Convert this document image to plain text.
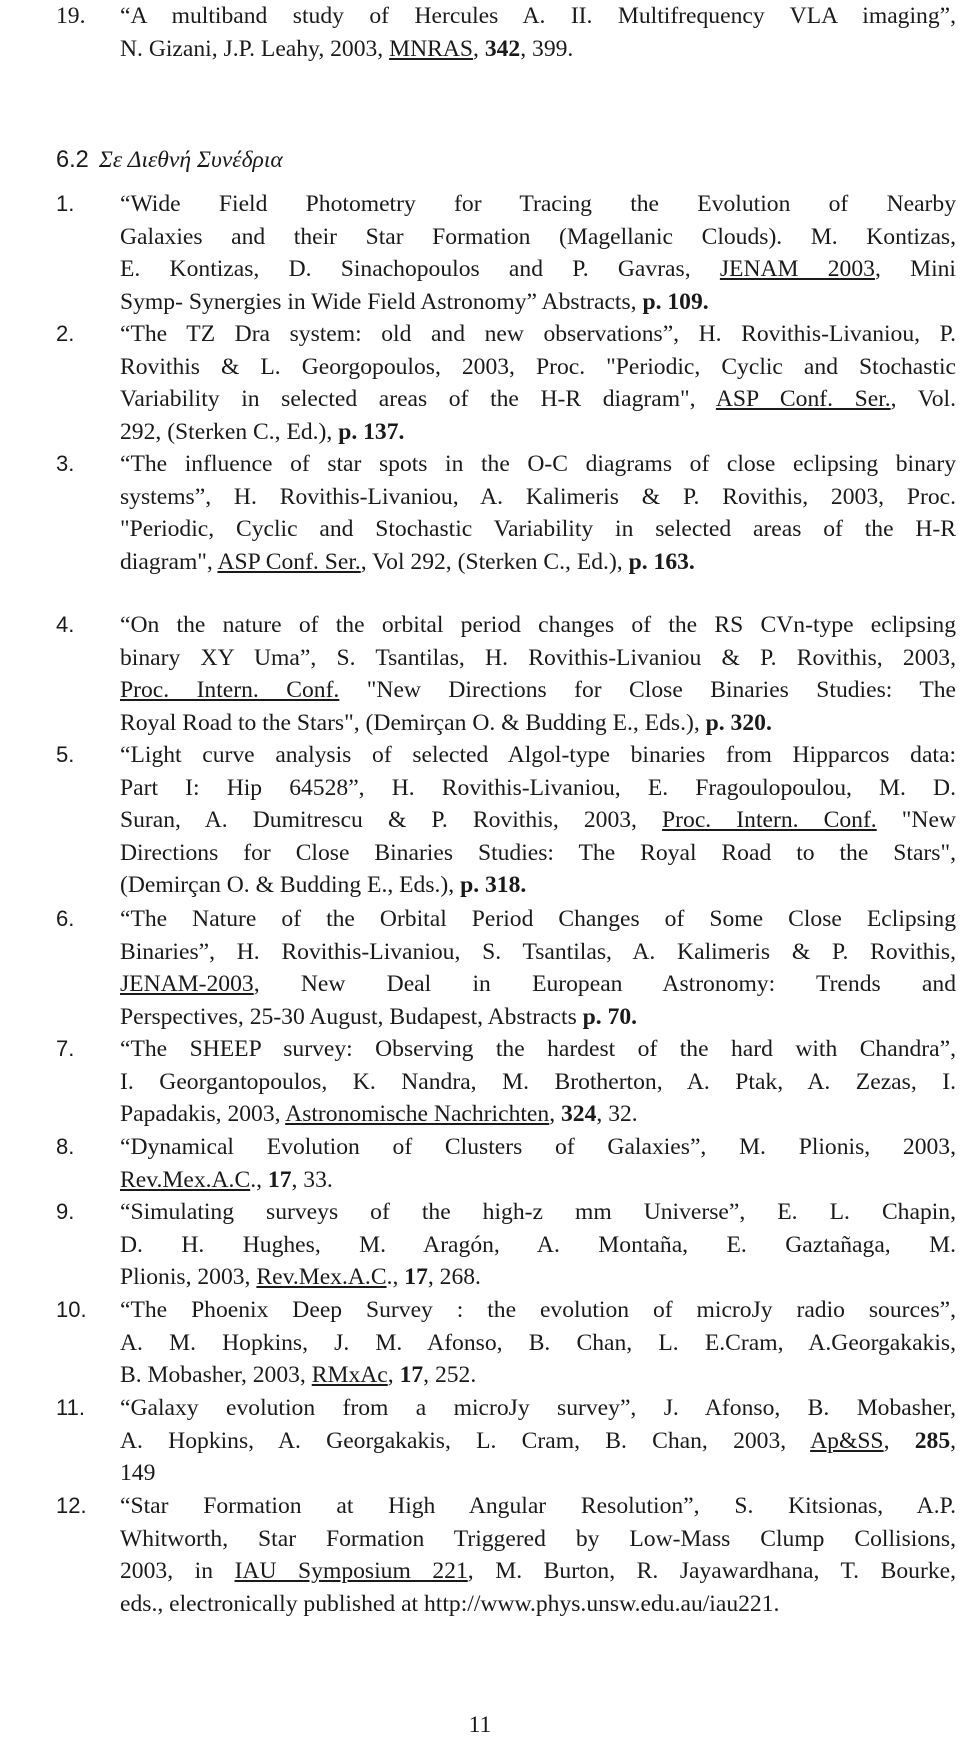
19. “A multiband study of Hercules A. II. Multifrequency VLA imaging”,
N. Gizani, J.P. Leahy, 2003, MNRAS, 342, 399.
6.2 Σε Διεθνή Συνέδρια
1. “Wide Field Photometry for Tracing the Evolution of Nearby
Galaxies and their Star Formation (Magellanic Clouds). M. Kontizas,
E. Kontizas, D. Sinachopoulos and P. Gavras, JENAM 2003, Mini
Symp- Synergies in Wide Field Astronomy” Abstracts, p. 109.
2. “The TZ Dra system: old and new observations”, H. Rovithis-Livaniou, P.
Rovithis & L. Georgopoulos, 2003, Proc. "Periodic, Cyclic and Stochastic
Variability in selected areas of the H-R diagram", ASP Conf. Ser., Vol.
292, (Sterken C., Ed.), p. 137.
3. “The influence of star spots in the O-C diagrams of close eclipsing binary
systems”, H. Rovithis-Livaniou, A. Kalimeris & P. Rovithis, 2003, Proc.
"Periodic, Cyclic and Stochastic Variability in selected areas of the H-R
diagram", ASP Conf. Ser., Vol 292, (Sterken C., Ed.), p. 163.
4. “On the nature of the orbital period changes of the RS CVn-type eclipsing
binary XY Uma”, S. Tsantilas, H. Rovithis-Livaniou & P. Rovithis, 2003,
Proc. Intern. Conf. "New Directions for Close Binaries Studies: The
Royal Road to the Stars", (Demirçan O. & Budding E., Eds.), p. 320.
5. “Light curve analysis of selected Algol-type binaries from Hipparcos data:
Part I: Hip 64528”, H. Rovithis-Livaniou, E. Fragoulopoulou, M. D.
Suran, A. Dumitrescu & P. Rovithis, 2003, Proc. Intern. Conf. "New
Directions for Close Binaries Studies: The Royal Road to the Stars",
(Demirçan O. & Budding E., Eds.), p. 318.
6. “The Nature of the Orbital Period Changes of Some Close Eclipsing
Binaries”, H. Rovithis-Livaniou, S. Tsantilas, A. Kalimeris & P. Rovithis,
JENAM-2003, New Deal in European Astronomy: Trends and
Perspectives, 25-30 August, Budapest, Abstracts p. 70.
7. “The SHEEP survey: Observing the hardest of the hard with Chandra”,
I. Georgantopoulos, K. Nandra, M. Brotherton, A. Ptak, A. Zezas, I.
Papadakis, 2003, Astronomische Nachrichten, 324, 32.
8. “Dynamical Evolution of Clusters of Galaxies”, M. Plionis, 2003,
Rev.Mex.A.C., 17, 33.
9. “Simulating surveys of the high-z mm Universe”, E. L. Chapin,
D. H. Hughes, M. Aragón, A. Montaña, E. Gaztañaga, M.
Plionis, 2003, Rev.Mex.A.C., 17, 268.
10. “The Phoenix Deep Survey : the evolution of microJy radio sources”,
A. M. Hopkins, J. M. Afonso, B. Chan, L. E.Cram, A.Georgakakis,
B. Mobasher, 2003, RMxAc, 17, 252.
11. “Galaxy evolution from a microJy survey”, J. Afonso, B. Mobasher,
A. Hopkins, A. Georgakakis, L. Cram, B. Chan, 2003, Ap&SS, 285,
149
12. “Star Formation at High Angular Resolution”, S. Kitsionas, A.P.
Whitworth, Star Formation Triggered by Low-Mass Clump Collisions,
2003, in IAU Symposium 221, M. Burton, R. Jayawardhana, T. Bourke,
eds., electronically published at http://www.phys.unsw.edu.au/iau221.
11
